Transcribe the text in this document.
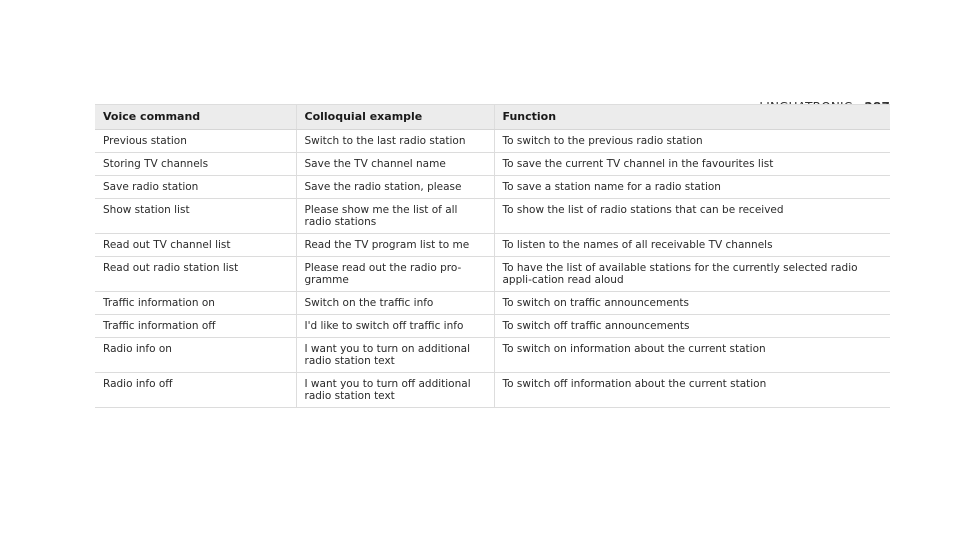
Voice command	Colloquial example	Function
Previous station	Switch to the last radio station	To switch to the previous radio station
Storing TV channels	Save the TV channel name	To save the current TV channel in the favourites list
Save radio station	Save the radio station, please	To save a station name for a radio station
Show station list	Please show me the list of all radio stations	To show the list of radio stations that can be received
Read out TV channel list	Read the TV program list to me	To listen to the names of all receivable TV channels
Read out radio station list	Please read out the radio pro-gramme	To have the list of available stations for the currently selected radio appli-cation read aloud
Traffic information on	Switch on the traffic info	To switch on traffic announcements
Traffic information off	I'd like to switch off traffic info	To switch off traffic announcements
Radio info on	I want you to turn on additional radio station text	To switch on information about the current station
Radio info off	I want you to turn off additional radio station text	To switch off information about the current station
